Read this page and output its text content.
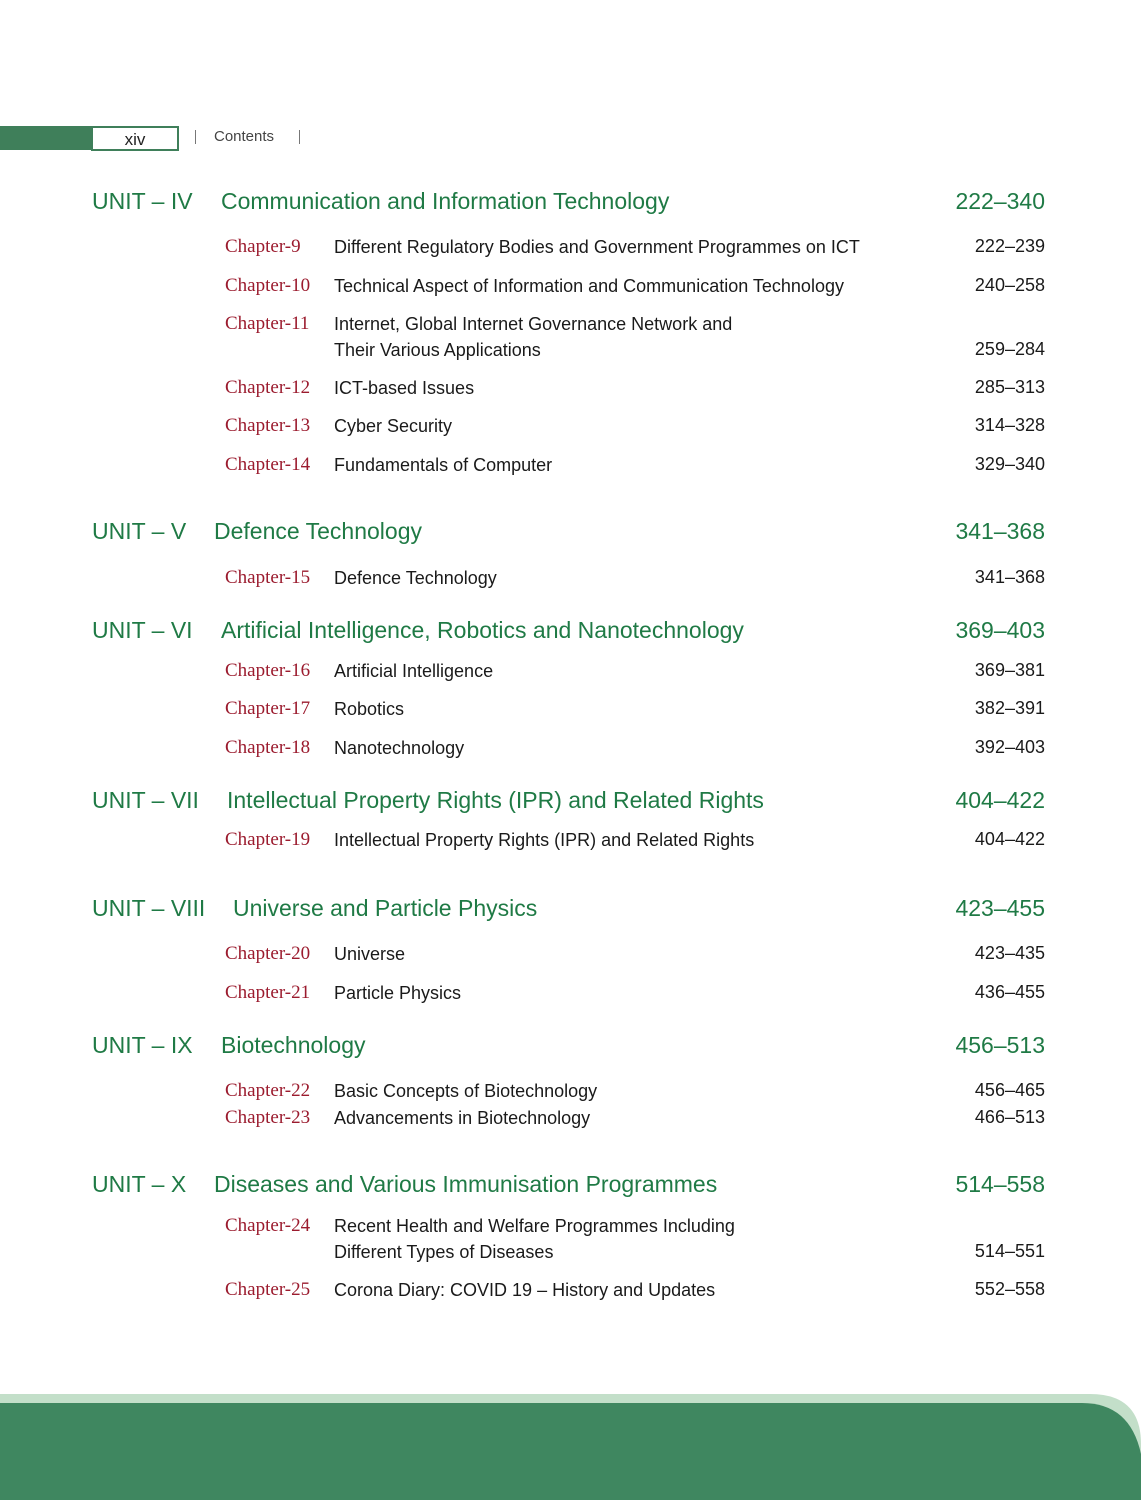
xiv	Contents
UNIT – IV Communication and Information Technology	222–340
Chapter-9 Different Regulatory Bodies and Government Programmes on ICT	222–239
Chapter-10 Technical Aspect of Information and Communication Technology	240–258
Chapter-11 Internet, Global Internet Governance Network and
Their Various Applications	259–284
Chapter-12 ICT-based Issues	285–313
Chapter-13 Cyber Security	314–328
Chapter-14 Fundamentals of Computer	329–340
UNIT – V Defence Technology	341–368
Chapter-15 Defence Technology	341–368
UNIT – VI Artificial Intelligence, Robotics and Nanotechnology	369–403
Chapter-16 Artificial Intelligence	369–381
Chapter-17 Robotics	382–391
Chapter-18 Nanotechnology	392–403
UNIT – VII Intellectual Property Rights (IPR) and Related Rights	404–422
Chapter-19 Intellectual Property Rights (IPR) and Related Rights	404–422
UNIT – VIII Universe and Particle Physics	423–455
Chapter-20 Universe	423–435
Chapter-21 Particle Physics	436–455
UNIT – IX Biotechnology	456–513
Chapter-22 Basic Concepts of Biotechnology	456–465
Chapter-23 Advancements in Biotechnology	466–513
UNIT – X Diseases and Various Immunisation Programmes	514–558
Chapter-24 Recent Health and Welfare Programmes Including
Different Types of Diseases	514–551
Chapter-25 Corona Diary: COVID 19 – History and Updates	552–558
